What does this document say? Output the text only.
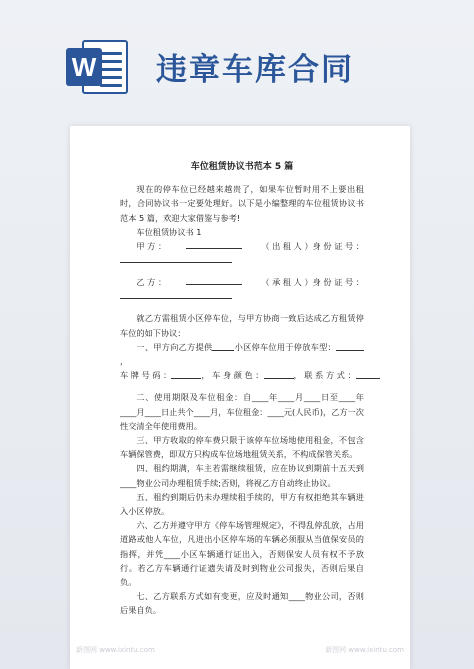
W 违章车库合同
车位租赁协议书范本 5 篇
现在的停车位已经越来越贵了，如果车位暂时用不上要出租时，合同协议书一定要处理好。以下是小编整理的车位租赁协议书范本 5 篇，欢迎大家借鉴与参考!
车位租赁协议书 1
甲 方 ：	（ 出 租 人 ）身 份 证 号 ：
乙 方 ：	（ 承 租 人 ）身 份 证 号 ：
就乙方需租赁小区停车位，与甲方协商一致后达成乙方租赁停车位的如下协议：
一、甲方向乙方提供	小区停车位用于停放车型：，
车 牌 号 码 ：	， 车 身 颜 色 ：	， 联 系 方 式 ：
二、使用期限及车位租金：自____年____月____日至____年____月____日止共个____月，车位租金：____元(人民币)，乙方一次性交清全年使用费用。
三、甲方收取的停车费只限于该停车位场地使用租金，不包含车辆保管费，即双方只构成车位场地租赁关系，不构成保管关系。
四、租约期满，车主若需继续租赁，应在协议到期前十五天到____物业公司办理租赁手续;否则，将视乙方自动终止协议。
五、租约到期后仍未办理续租手续的，甲方有权拒绝其车辆进入小区停放。
六、乙方并遵守甲方《停车场管理规定》，不得乱停乱放，占用道路或他人车位，凡进出小区停车场的车辆必须服从当值保安员的指挥，并凭____小区车辆通行证出入，否则保安人员有权不予放行。若乙方车辆通行证遗失请及时到物业公司报失，否则后果自负。
七、乙方联系方式如有变更，应及时通知____物业公司，否则后果自负。
新图网 www.ixintu.com	新图网 www.ixintu.com
